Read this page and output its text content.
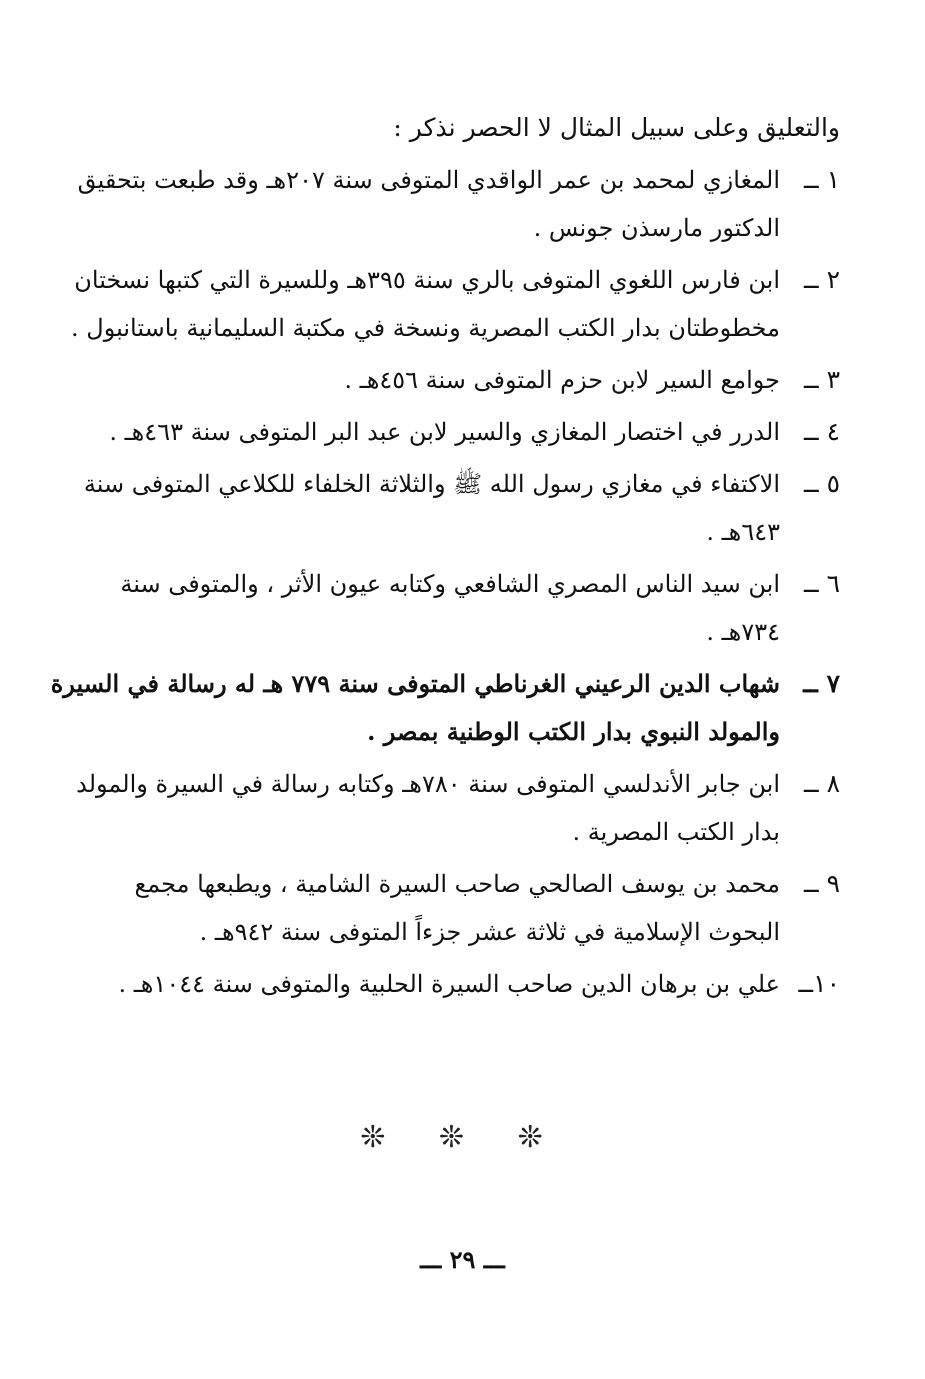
والتعليق وعلى سبيل المثال لا الحصر نذكر :
١ ــ
المغازي لمحمد بن عمر الواقدي المتوفى سنة ٢٠٧هـ وقد طبعت بتحقيق
الدكتور مارسذن جونس .
٢ ــ
ابن فارس اللغوي المتوفى بالري سنة ٣٩٥هـ وللسيرة التي كتبها نسختان
مخطوطتان بدار الكتب المصرية ونسخة في مكتبة السليمانية باستانبول .
٣ ــ
جوامع السير لابن حزم المتوفى سنة ٤٥٦هـ .
٤ ــ
الدرر في اختصار المغازي والسير لابن عبد البر المتوفى سنة ٤٦٣هـ .
٥ ــ
الاكتفاء في مغازي رسول الله ﷺ والثلاثة الخلفاء للكلاعي المتوفى سنة
٦٤٣هـ .
٦ ــ
ابن سيد الناس المصري الشافعي وكتابه عيون الأثر ، والمتوفى سنة
٧٣٤هـ .
٧ ــ
شهاب الدين الرعيني الغرناطي المتوفى سنة ٧٧٩ هـ له رسالة في السيرة
والمولد النبوي بدار الكتب الوطنية بمصر .
٨ ــ
ابن جابر الأندلسي المتوفى سنة ٧٨٠هـ وكتابه رسالة في السيرة والمولد
بدار الكتب المصرية .
٩ ــ
محمد بن يوسف الصالحي صاحب السيرة الشامية ، ويطبعها مجمع
البحوث الإسلامية في ثلاثة عشر جزءاً المتوفى سنة ٩٤٢هـ .
١٠ــ
علي بن برهان الدين صاحب السيرة الحلبية والمتوفى سنة ١٠٤٤هـ .
❊ ❊ ❊
ـــ ٢٩ ـــ
